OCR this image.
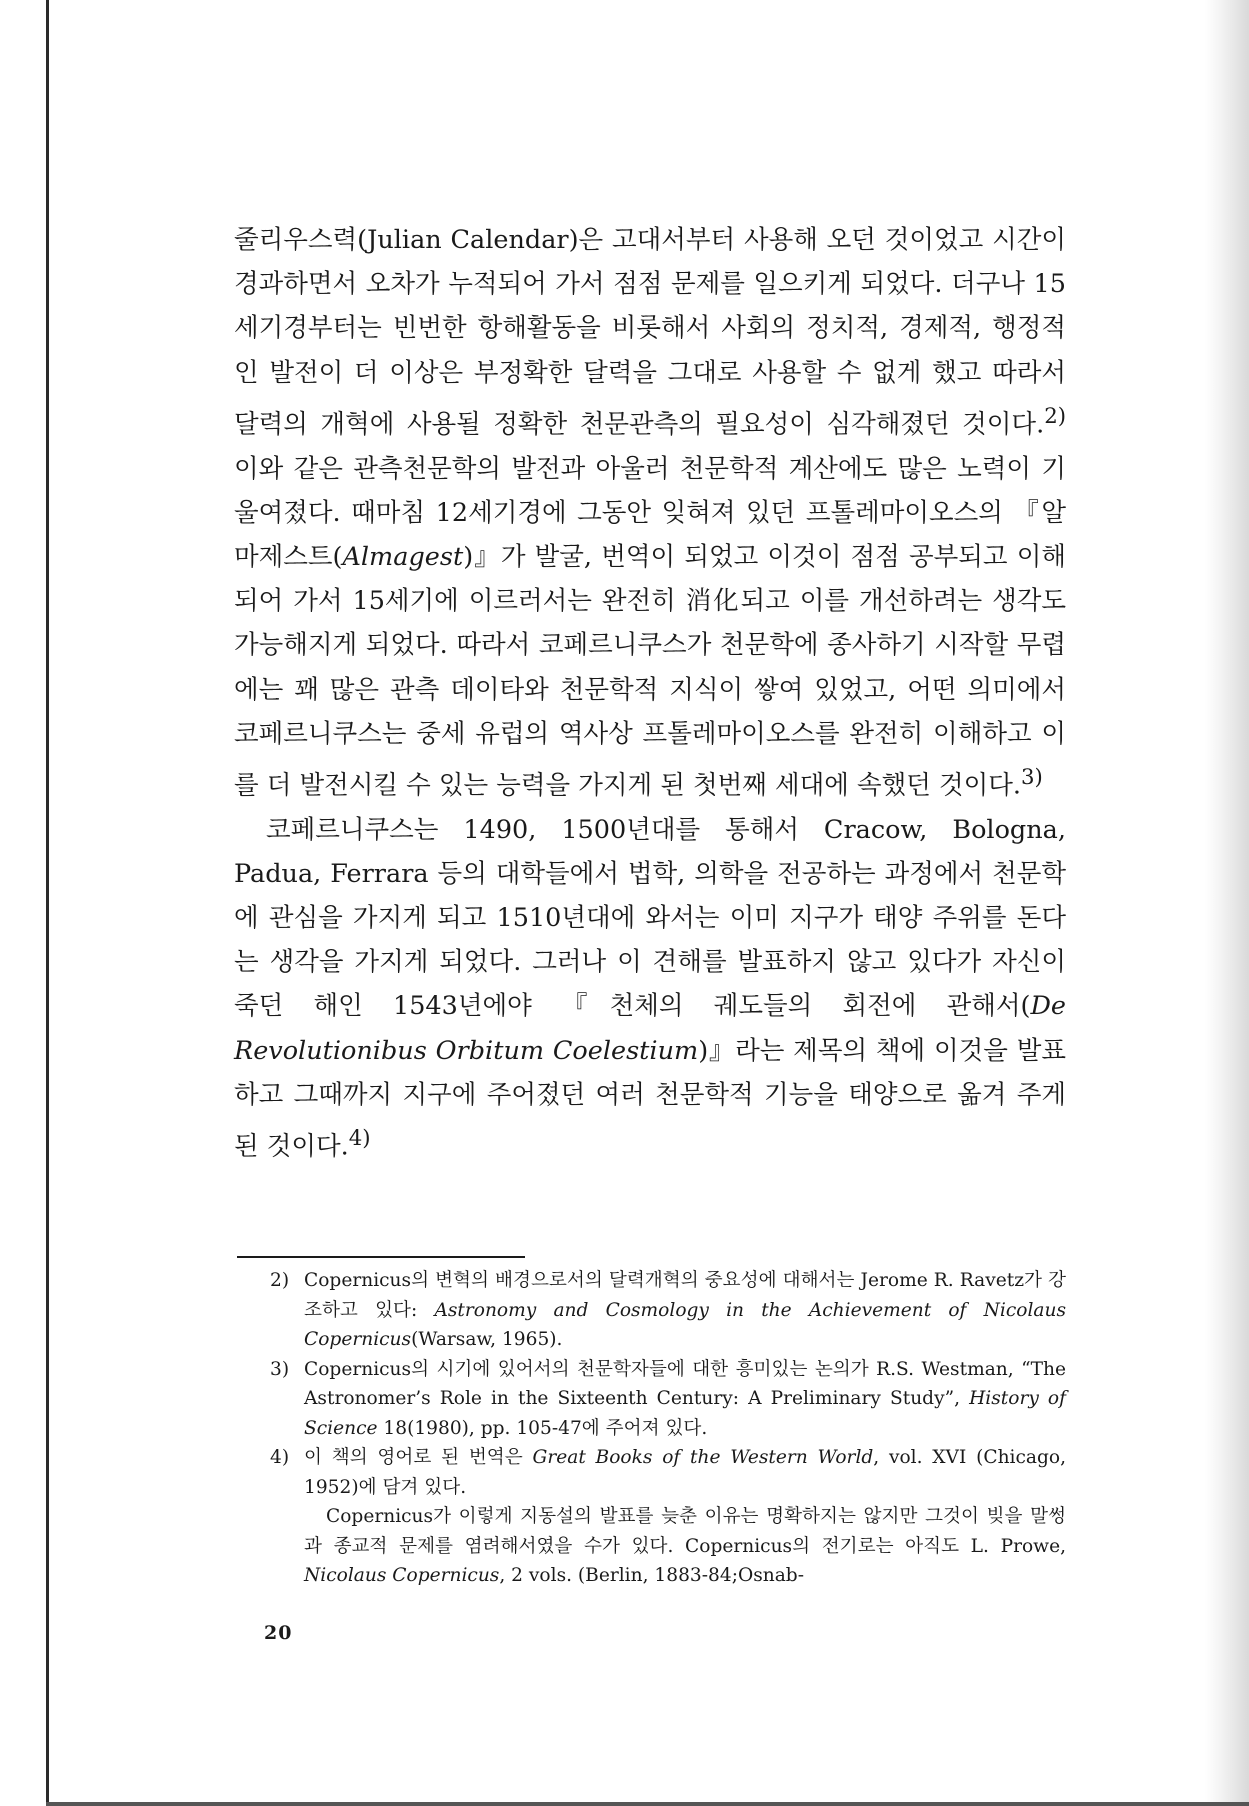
줄리우스력(Julian Calendar)은 고대서부터 사용해 오던 것이었고 시간이 경과하면서 오차가 누적되어 가서 점점 문제를 일으키게 되었다. 더구나 15세기경부터는 빈번한 항해활동을 비롯해서 사회의 정치적, 경제적, 행정적인 발전이 더 이상은 부정확한 달력을 그대로 사용할 수 없게 했고 따라서 달력의 개혁에 사용될 정확한 천문관측의 필요성이 심각해졌던 것이다.$^{2)}$ 이와 같은 관측천문학의 발전과 아울러 천문학적 계산에도 많은 노력이 기울여졌다. 때마침 12세기경에 그동안 잊혀져 있던 프톨레마이오스의 『알마제스트(Almagest)』가 발굴, 번역이 되었고 이것이 점점 공부되고 이해되어 가서 15세기에 이르러서는 완전히 消化되고 이를 개선하려는 생각도 가능해지게 되었다. 따라서 코페르니쿠스가 천문학에 종사하기 시작할 무렵에는 꽤 많은 관측 데이타와 천문학적 지식이 쌓여 있었고, 어떤 의미에서 코페르니쿠스는 중세 유럽의 역사상 프톨레마이오스를 완전히 이해하고 이를 더 발전시킬 수 있는 능력을 가지게 된 첫번째 세대에 속했던 것이다.$^{3)}$

코페르니쿠스는 1490, 1500년대를 통해서 Cracow, Bologna, Padua, Ferrara 등의 대학들에서 법학, 의학을 전공하는 과정에서 천문학에 관심을 가지게 되고 1510년대에 와서는 이미 지구가 태양 주위를 돈다는 생각을 가지게 되었다. 그러나 이 견해를 발표하지 않고 있다가 자신이 죽던 해인 1543년에야 『천체의 궤도들의 회전에 관해서(De Revolutionibus Orbitum Coelestium)』라는 제목의 책에 이것을 발표하고 그때까지 지구에 주어졌던 여러 천문학적 기능을 태양으로 옮겨 주게 된 것이다.$^{4)}$

2) Copernicus의 변혁의 배경으로서의 달력개혁의 중요성에 대해서는 Jerome R. Ravetz가 강조하고 있다: Astronomy and Cosmology in the Achievement of Nicolaus Copernicus(Warsaw, 1965).

3) Copernicus의 시기에 있어서의 천문학자들에 대한 흥미있는 논의가 R.S. Westman, “The Astronomer’s Role in the Sixteenth Century: A Preliminary Study”, History of Science 18(1980), pp. 105-47에 주어져 있다.

4) 이 책의 영어로 된 번역은 Great Books of the Western World, vol. XVI (Chicago, 1952)에 담겨 있다.

Copernicus가 이렇게 지동설의 발표를 늦춘 이유는 명확하지는 않지만 그것이 빚을 말썽과 종교적 문제를 염려해서였을 수가 있다. Copernicus의 전기로는 아직도 L. Prowe, Nicolaus Copernicus, 2 vols. (Berlin, 1883-84;Osnab-

20
